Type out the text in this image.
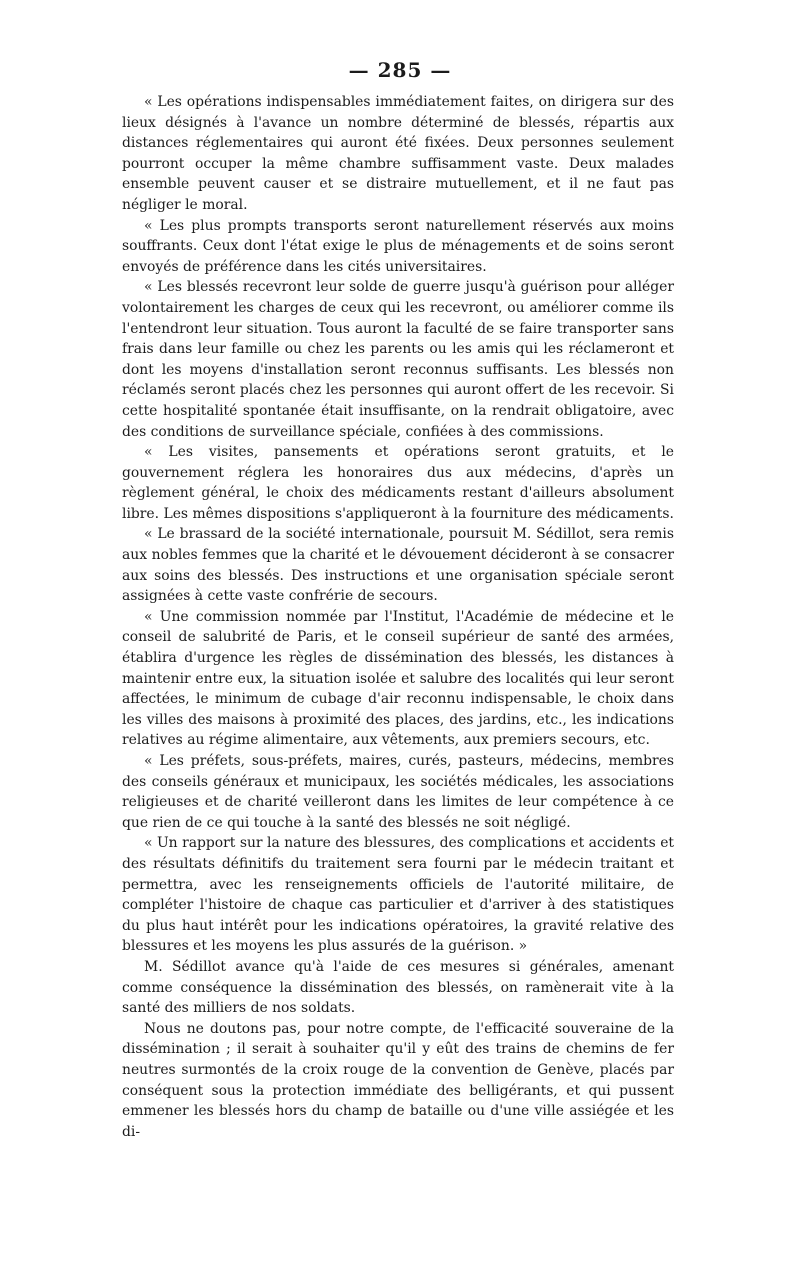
— 285 —

« Les opérations indispensables immédiatement faites, on dirigera sur des lieux désignés à l'avance un nombre déterminé de blessés, répartis aux distances réglementaires qui auront été fixées. Deux personnes seulement pourront occuper la même chambre suffisamment vaste. Deux malades ensemble peuvent causer et se distraire mutuellement, et il ne faut pas négliger le moral.

« Les plus prompts transports seront naturellement réservés aux moins souffrants. Ceux dont l'état exige le plus de ménagements et de soins seront envoyés de préférence dans les cités universitaires.

« Les blessés recevront leur solde de guerre jusqu'à guérison pour alléger volontairement les charges de ceux qui les recevront, ou améliorer comme ils l'entendront leur situation. Tous auront la faculté de se faire transporter sans frais dans leur famille ou chez les parents ou les amis qui les réclameront et dont les moyens d'installation seront reconnus suffisants. Les blessés non réclamés seront placés chez les personnes qui auront offert de les recevoir. Si cette hospitalité spontanée était insuffisante, on la rendrait obligatoire, avec des conditions de surveillance spéciale, confiées à des commissions.

« Les visites, pansements et opérations seront gratuits, et le gouvernement réglera les honoraires dus aux médecins, d'après un règlement général, le choix des médicaments restant d'ailleurs absolument libre. Les mêmes dispositions s'appliqueront à la fourniture des médicaments.

« Le brassard de la société internationale, poursuit M. Sédillot, sera remis aux nobles femmes que la charité et le dévouement décideront à se consacrer aux soins des blessés. Des instructions et une organisation spéciale seront assignées à cette vaste confrérie de secours.

« Une commission nommée par l'Institut, l'Académie de médecine et le conseil de salubrité de Paris, et le conseil supérieur de santé des armées, établira d'urgence les règles de dissémination des blessés, les distances à maintenir entre eux, la situation isolée et salubre des localités qui leur seront affectées, le minimum de cubage d'air reconnu indispensable, le choix dans les villes des maisons à proximité des places, des jardins, etc., les indications relatives au régime alimentaire, aux vêtements, aux premiers secours, etc.

« Les préfets, sous-préfets, maires, curés, pasteurs, médecins, membres des conseils généraux et municipaux, les sociétés médicales, les associations religieuses et de charité veilleront dans les limites de leur compétence à ce que rien de ce qui touche à la santé des blessés ne soit négligé.

« Un rapport sur la nature des blessures, des complications et accidents et des résultats définitifs du traitement sera fourni par le médecin traitant et permettra, avec les renseignements officiels de l'autorité militaire, de compléter l'histoire de chaque cas particulier et d'arriver à des statistiques du plus haut intérêt pour les indications opératoires, la gravité relative des blessures et les moyens les plus assurés de la guérison. »

M. Sédillot avance qu'à l'aide de ces mesures si générales, amenant comme conséquence la dissémination des blessés, on ramènerait vite à la santé des milliers de nos soldats.

Nous ne doutons pas, pour notre compte, de l'efficacité souveraine de la dissémination ; il serait à souhaiter qu'il y eût des trains de chemins de fer neutres surmontés de la croix rouge de la convention de Genève, placés par conséquent sous la protection immédiate des belligérants, et qui pussent emmener les blessés hors du champ de bataille ou d'une ville assiégée et les di-
